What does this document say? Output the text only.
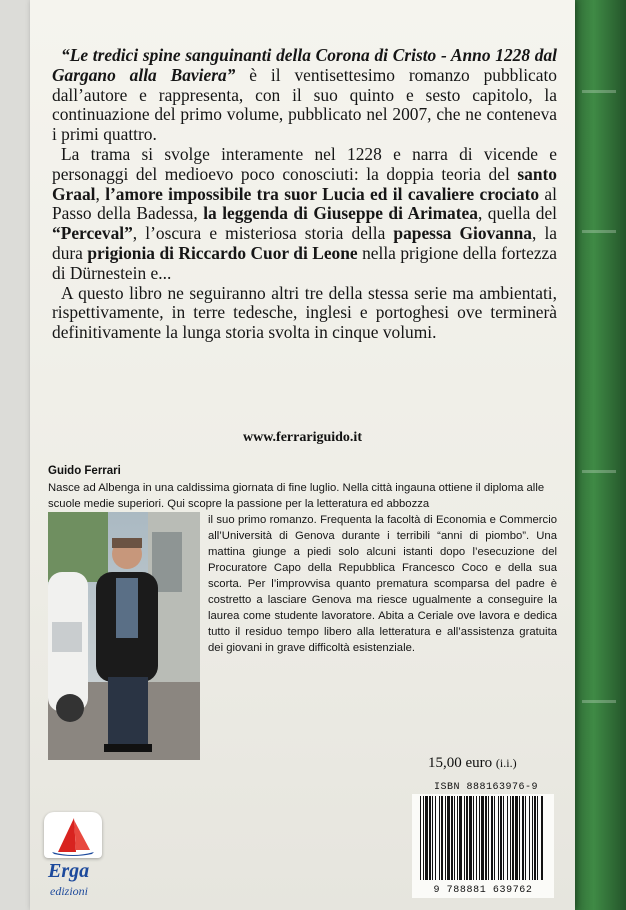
“Le tredici spine sanguinanti della Corona di Cristo - Anno 1228 dal Gargano alla Baviera” è il ventisettesimo romanzo pubblicato dall’autore e rappresenta, con il suo quinto e sesto capitolo, la continuazione del primo volume, pubblicato nel 2007, che ne conteneva i primi quattro.

La trama si svolge interamente nel 1228 e narra di vicende e personaggi del medioevo poco conosciuti: la doppia teoria del santo Graal, l’amore impossibile tra suor Lucia ed il cavaliere crociato al Passo della Badessa, la leggenda di Giuseppe di Arimatea, quella del “Perceval”, l’oscura e misteriosa storia della papessa Giovanna, la dura prigionia di Riccardo Cuor di Leone nella prigione della fortezza di Dürnestein e...

A questo libro ne seguiranno altri tre della stessa serie ma ambientati, rispettivamente, in terre tedesche, inglesi e portoghesi ove terminerà definitivamente la lunga storia svolta in cinque volumi.

www.ferrariguido.it
Guido Ferrari
Nasce ad Albenga in una caldissima giornata di fine luglio. Nella città ingauna ottiene il diploma alle scuole medie superiori. Qui scopre la passione per la letteratura ed abbozza
il suo primo romanzo. Frequenta la facoltà di Economia e Commercio all’Università di Genova durante i terribili “anni di piombo”. Una mattina giunge a piedi solo alcuni istanti dopo l’esecuzione del Procuratore Capo della Repubblica Francesco Coco e della sua scorta. Per l’improvvisa quanto prematura scomparsa del padre è costretto a lasciare Genova ma riesce ugualmente a conseguire la laurea come studente lavoratore. Abita a Ceriale ove lavora e dedica tutto il residuo tempo libero alla letteratura e all’assistenza gratuita dei giovani in grave difficoltà esistenziale.
15,00 euro (i.i.)
ISBN 888163976-9
9 788881 639762
Erga
edizioni
